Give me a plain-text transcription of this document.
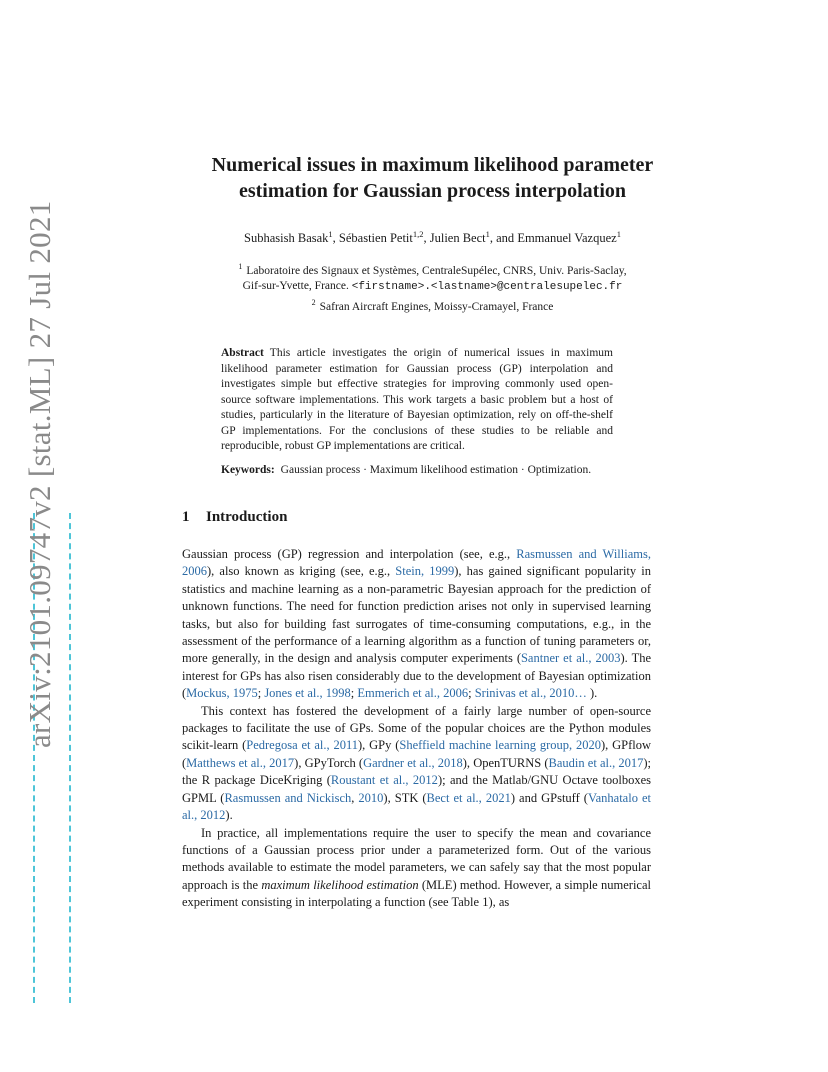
arXiv:2101.09747v2 [stat.ML] 27 Jul 2021
Numerical issues in maximum likelihood parameter
estimation for Gaussian process interpolation
Subhasish Basak$^1$, Sébastien Petit$^{1,2}$, Julien Bect$^1$, and Emmanuel Vazquez$^1$
$^1$ Laboratoire des Signaux et Systèmes, CentraleSupélec, CNRS, Univ. Paris-Saclay,
Gif-sur-Yvette, France. <firstname>.<lastname>@centralesupelec.fr
$^2$ Safran Aircraft Engines, Moissy-Cramayel, France
Abstract This article investigates the origin of numerical issues in maximum likelihood parameter estimation for Gaussian process (GP) interpolation and investigates simple but effective strategies for improving commonly used open-source software implementations. This work targets a basic problem but a host of studies, particularly in the literature of Bayesian optimization, rely on off-the-shelf GP implementations. For the conclusions of these studies to be reliable and reproducible, robust GP implementations are critical.
Keywords: Gaussian process · Maximum likelihood estimation · Optimization.
1 Introduction

Gaussian process (GP) regression and interpolation (see, e.g., Rasmussen and Williams, 2006), also known as kriging (see, e.g., Stein, 1999), has gained significant popularity in statistics and machine learning as a non-parametric Bayesian approach for the prediction of unknown functions. The need for function prediction arises not only in supervised learning tasks, but also for building fast surrogates of time-consuming computations, e.g., in the assessment of the performance of a learning algorithm as a function of tuning parameters or, more generally, in the design and analysis computer experiments (Santner et al., 2003). The interest for GPs has also risen considerably due to the development of Bayesian optimization (Mockus, 1975; Jones et al., 1998; Emmerich et al., 2006; Srinivas et al., 2010… ).

This context has fostered the development of a fairly large number of open-source packages to facilitate the use of GPs. Some of the popular choices are the Python modules scikit-learn (Pedregosa et al., 2011), GPy (Sheffield machine learning group, 2020), GPflow (Matthews et al., 2017), GPyTorch (Gardner et al., 2018), OpenTURNS (Baudin et al., 2017); the R package DiceKriging (Roustant et al., 2012); and the Matlab/GNU Octave toolboxes GPML (Rasmussen and Nickisch, 2010), STK (Bect et al., 2021) and GPstuff (Vanhatalo et al., 2012).

In practice, all implementations require the user to specify the mean and covariance functions of a Gaussian process prior under a parameterized form. Out of the various methods available to estimate the model parameters, we can safely say that the most popular approach is the maximum likelihood estimation (MLE) method. However, a simple numerical experiment consisting in interpolating a function (see Table 1), as
